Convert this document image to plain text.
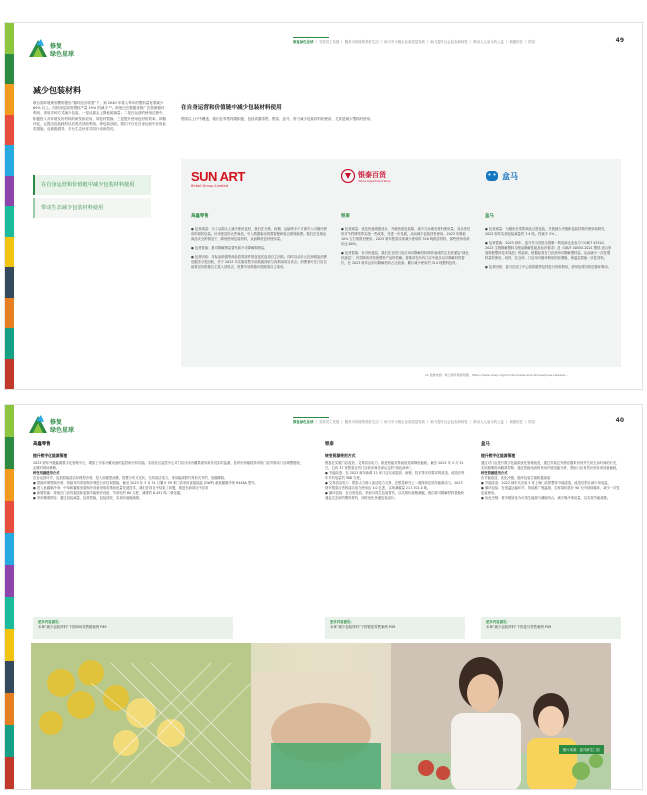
修复
绿色星球
修复绿色星球 丨 支持员工发展 丨 服务可持续的美好生活 丨 助力中小微企业高质量发展 丨 助力提升社会包容和韧性 丨 推动人人参与的公益 丨 构建信任 丨 附录	49
减少包装材料
联合国环境规划署则提出“循环经济转型”下，到 2040 年将人每年的塑料量有望减少 80% 以上。同时深层面发塑料产量 55% 的减少 ¹⁰。阿里巴巴数据来推广在资源循环利用，采取多种方式减少包装，一是从源头上降低源减量；二是在运营的使用过程中，积极投入对环境友好材料的研发和应用，即包材替换；三是提升使用包材的效率，即循环化，且提出包装耗材以后再次回收利用，即包装回收。我们不仅在自身运营中应用此类措施，也积极倡导，平台生态伙伴共同行动和效仿。
在自身运营和价值链中减少包装材料使用
带动生态减少包装材料使用
在自身运营和价值链中减少包装材料使用
围绕以上行中覆盖，我们在零售终端积极、包括高鑫零售、银泰、盒马，努力减少包装材料的使用，尤其是减少塑料的使用。
SUN ART
Retail Group Limited
高鑫零售

● 包材减量：为了从源头上减少使用包材，我们在分拣、拆捆、运输等多个方面引入可循环使用的周转包装。针对配送的大件商品，引入数据驱动的数智配和验合算保新费。我们在在保证商品安全的情况下，降低使用包装材料，从而降低包材使用量。

● 包材替换：推可降解物袋替代和不可降解购物袋。

● 包材回收：对标品纸箱等商品将零部件的包括托盘再自主回收。同时启动多元在商城加消费后服务分类回收，并于 2023 年实施零售专用纸箱回收与再利用项目试点。消费者可在门店自助将完好纸箱自主投入回收点，免费专用纸箱可供顾客自主取用。

银泰百货
Intime Department Store
银泰

● 包材减量：优化快递纸箱设计，升级传统包装箱，减少冗余填充材料使用量，其余发货时对节约网络等实施一些改革，并进一步发展，从而减少包装材料使用。2023 年降低 10% 左右的纸材使用。2023 财年银泰实现减少使用的 316 吨纸质材料，那些使用寿命仍达 60%。

● 包材替换：针对快递袋，我们在全国门店应用可降解材料制作而成的生态快递袋“绿色快递袋”，有效降低对传统塑料产品的依赖。将推荐在所有门店中逐步以可降解材料替代，在 2023 财年达到可降解材料占比较高。累计减少使用约 314 吨塑料包材。

盒马
盒马

● 包材减量：为避免在零售商品过度包装，开展减少冷链和包装材料的使用和研究，2023 财年实现包装减量约 7.4 吨，约减少 2% 。

● 包材替换：2023 财年，盒马作为首批全国唯一的电商企业参与“《GB/T 43310-2023 生物降解塑料与制品降解性能及标识要求》及《GB/T 40553-2021 塑料 适合家庭堆肥塑料技术规范》的起草。根据标准在门店使用可降解塑料袋，从而减少一次性塑料量的使用。同时，在仓库、门店用可循环利用的折叠箱、保温袋替换一次性材料。

● 包材回收：盒马在加工中心将纸箱等包材进行回收利用，使用包材回收后循环利用。

11 数据来源：联合国环境规划署，https://www.unep.org/zh-hans/news-and-stories/press-release/...
修复
绿色星球
修复绿色星球 丨 支持员工发展 丨 服务可持续的美好生活 丨 助力中小微企业高质量发展 丨 助力提升社会包容和韧性 丨 推动人人参与的公益 丨 构建信任 丨 附录	40
高鑫零售
提升数字化能源管理

2023 财年升级能源数字化管理平台，增加了冷冻冷藏设备的监控和分析功能。实现各区监控中心对门店冷冻冷藏系统异常状况实时监测，及时识别能耗异常的门店并推动门店调整措施，必要时现场维修。

转变用源使用方式

在各运营环节，包括替换清洁环保型冷剂，投入低碳型油墨，智慧分布式光伏，交易清洁电力，采用能源替代等形式节约、低碳降耗。

● 替换环保型制冷剂：持续对所采取制冷剂进行评估和替换，截至 2023 年 3 月 31 日累计 59 家门店采用直接低温 (GWP) 新低碳制冷剂 R448A 型号。

● 投入低碳制冷剂：中草和董都房屋制冷设备采取收集和低量发展技术，我们在项目中结束了问题，推进在新项目中应用

● 新增性能：持续在门店货架改和更换节能制冷设备，节省电约 60 万度，减排约 6,431 吨二氧化碳。

● 采用精准供电：通过包装减量，包材替换，包装回收，实现价值链减排。

更多内容请见：
本章“减少包装材料”下的商场零售箱案例 P49
银泰
转变资源使用方式

银泰在实施门店改造，交易清洁电力、推进低能效系统改造和降低能耗。截至 2023 年 3 月 31 日，已有 37 家银泰百货门店获评商务部认定的“绿色商场”。

● 节能改造：在 2023 财年新增 12 家门店完成屋面、流程、技术等多项要求的改造，改造后每年节约电量约 588 万度。

● 交易清洁电力：银泰大力推入清洁电力交易，在银泰研究上一道保持在低年能源动力，2023 财年银泰百货的清洁电力使用达 3.0 亿度，实现减碳量 217,701.0 吨。

● 循环包装：在自营包装，采取可再生包装替代，以实现价值链减碳。我们将可降解材料替换快递袋过去用的塑料材料，同时优化快递包装设计。

更多内容请见：
本章“减少包装材料”下的银泰零售案例 P49
盒马
提升数字化能源管理

通过对门店进行数字化能源优化管理改造，通过安装红外感应器来识别并关闭空余时间的灯光，实现照明时间精准控制；通过智能电表的采用开展电能分析，帮助门店有效识别各项设备能耗。

转变资源使用方式

在节能改造、优化冷链，循环包装方面积极探索：

● 节能改造：2023 财年共完成 5 家上海门店的整体节能改造，改造后预计减少用电量。

● 循环包装：在低温运输环节，持续推广保温箱、生鲜周转筐在 90 天内持续循环，减少一次性包装使用。

● 优化冷链：将冷链转变为可再生能源与储能结合，减少制冷剂用量，以实现节能减排。

更多内容请见：
本章“减少包装材料”下的盒马零售案例 P49
照片来源：盒马鲜生门店
